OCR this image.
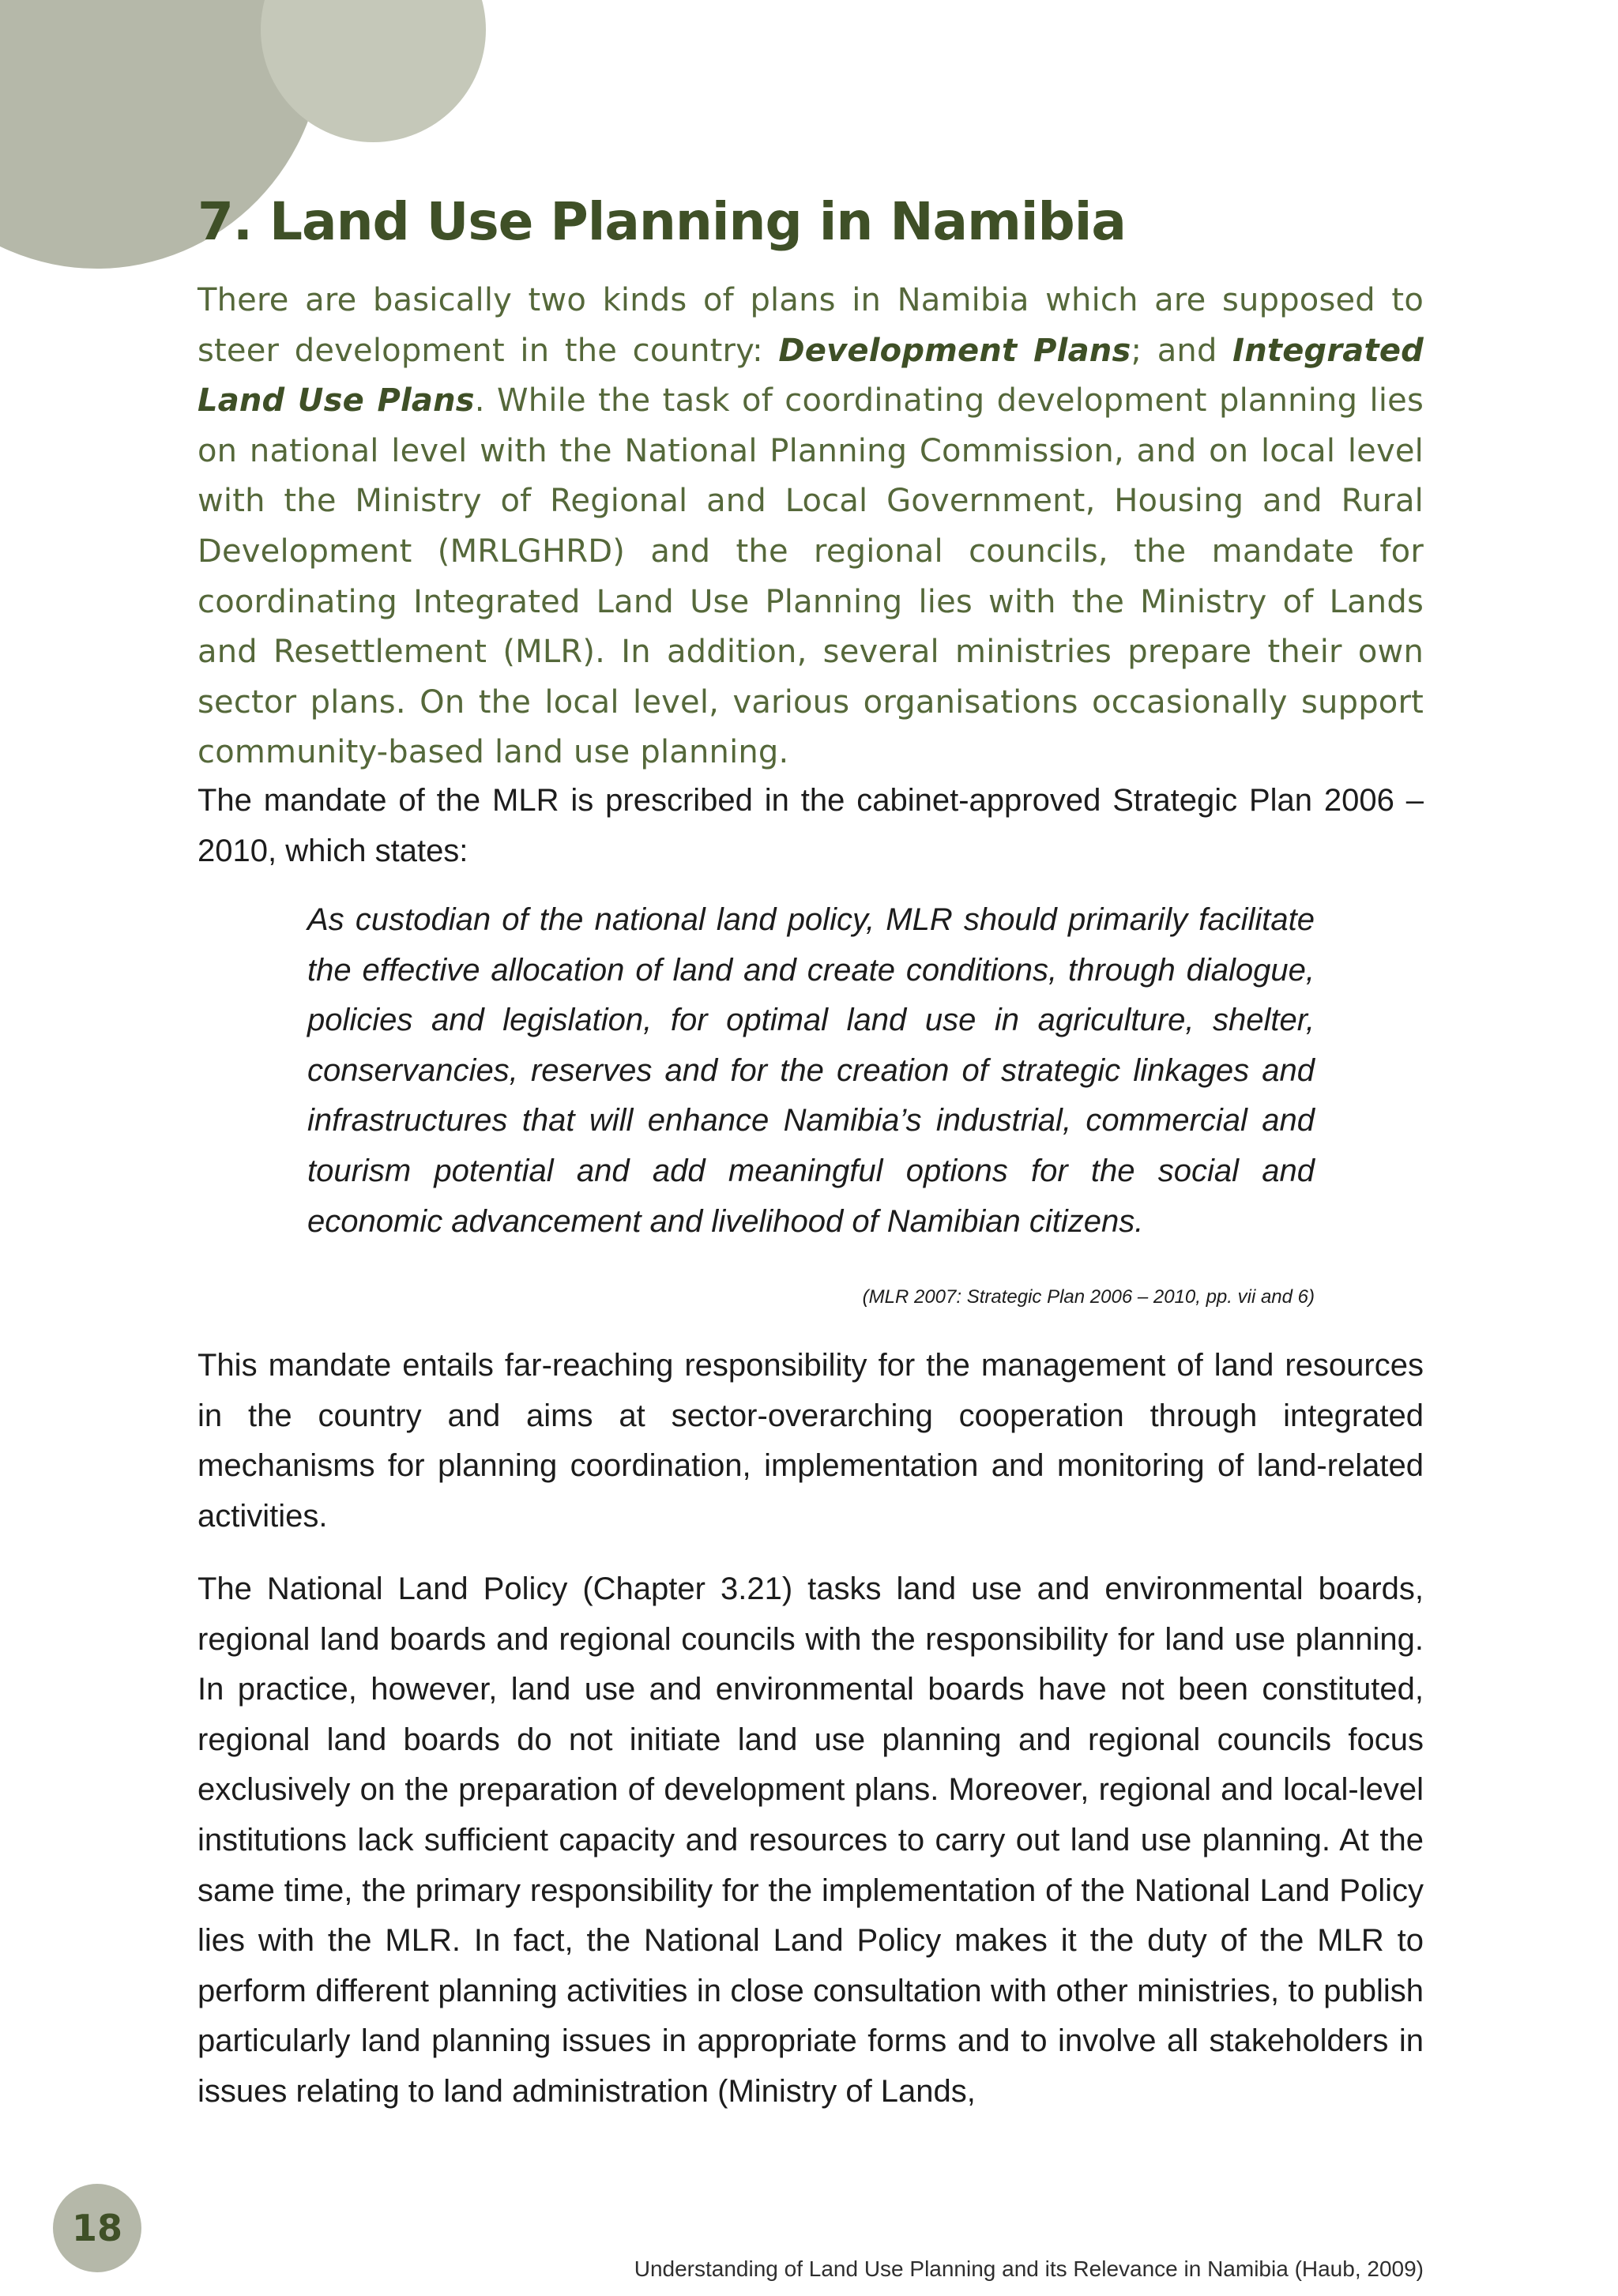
7. Land Use Planning in Namibia

There are basically two kinds of plans in Namibia which are supposed to steer development in the country: Development Plans; and Integrated Land Use Plans. While the task of coordinating development planning lies on national level with the National Planning Commission, and on local level with the Ministry of Regional and Local Government, Housing and Rural Development (MRLGHRD) and the regional councils, the mandate for coordinating Integrated Land Use Planning lies with the Ministry of Lands and Resettlement (MLR). In addition, several ministries prepare their own sector plans. On the local level, various organisations occasionally support community-based land use planning.

The mandate of the MLR is prescribed in the cabinet-approved Strategic Plan 2006 – 2010, which states:

As custodian of the national land policy, MLR should primarily facilitate the effective allocation of land and create conditions, through dialogue, policies and legislation, for optimal land use in agriculture, shelter, conservancies, reserves and for the creation of strategic linkages and infrastructures that will enhance Namibia’s industrial, commercial and tourism potential and add meaningful options for the social and economic advancement and livelihood of Namibian citizens.

(MLR 2007: Strategic Plan 2006 – 2010, pp. vii and 6)

This mandate entails far-reaching responsibility for the management of land resources in the country and aims at sector-overarching cooperation through integrated mechanisms for planning coordination, implementation and monitoring of land-related activities.

The National Land Policy (Chapter 3.21) tasks land use and environmental boards, regional land boards and regional councils with the responsibility for land use planning. In practice, however, land use and environmental boards have not been constituted, regional land boards do not initiate land use planning and regional councils focus exclusively on the preparation of development plans. Moreover, regional and local-level institutions lack sufficient capacity and resources to carry out land use planning. At the same time, the primary responsibility for the implementation of the National Land Policy lies with the MLR. In fact, the National Land Policy makes it the duty of the MLR to perform different planning activities in close consultation with other ministries, to publish particularly land planning issues in appropriate forms and to involve all stakeholders in issues relating to land administration (Ministry of Lands,

18
Understanding of Land Use Planning and its Relevance in Namibia (Haub, 2009)
